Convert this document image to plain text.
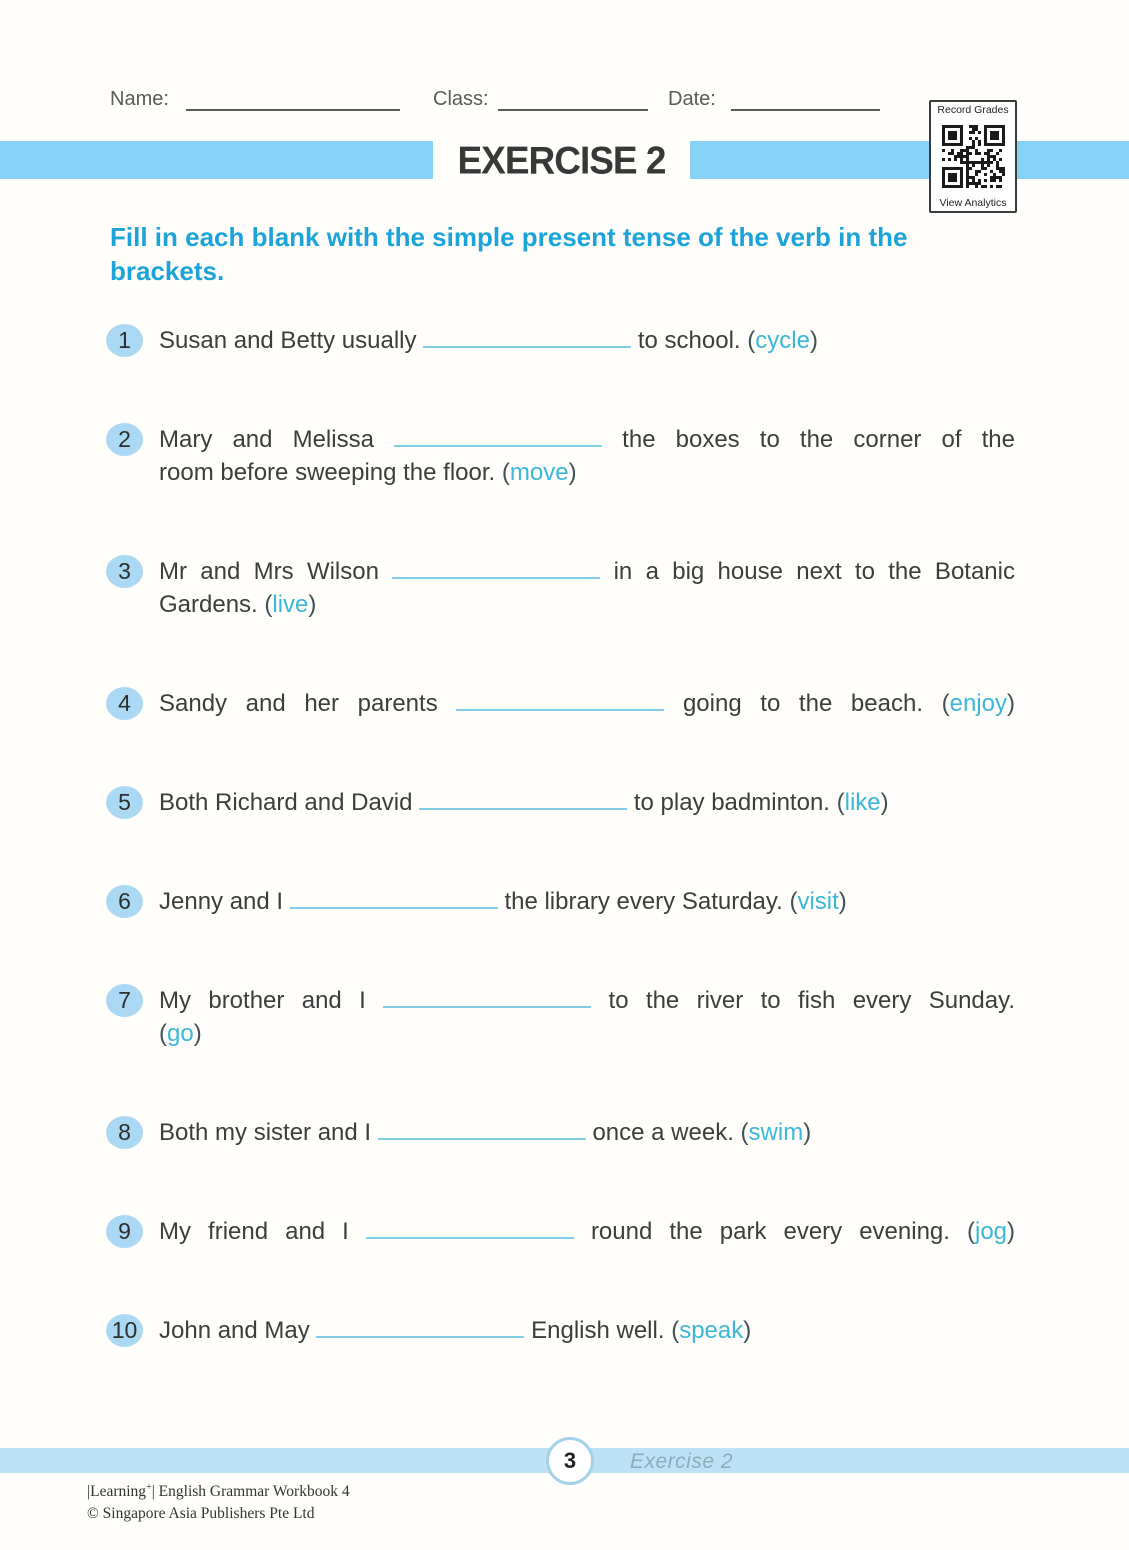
Name:	Class:	Date:
EXERCISE 2
Record Grades
View Analytics

Fill in each blank with the simple present tense of the verb in the
brackets.

1	Susan and Betty usually	to school. (cycle)
2	Mary and Melissa	the boxes to the corner of the
room before sweeping the floor. (move)
3	Mr and Mrs Wilson	in a big house next to the Botanic
Gardens. (live)
4	Sandy and her parents	going to the beach. (enjoy)
5	Both Richard and David	to play badminton. (like)
6	Jenny and I	the library every Saturday. (visit)
7	My brother and I	to the river to fish every Sunday.
(go)
8	Both my sister and I	once a week. (swim)
9	My friend and I	round the park every evening. (jog)
10 John and May	English well. (speak)
3	Exercise 2
|Learning+| English Grammar Workbook 4
© Singapore Asia Publishers Pte Ltd
